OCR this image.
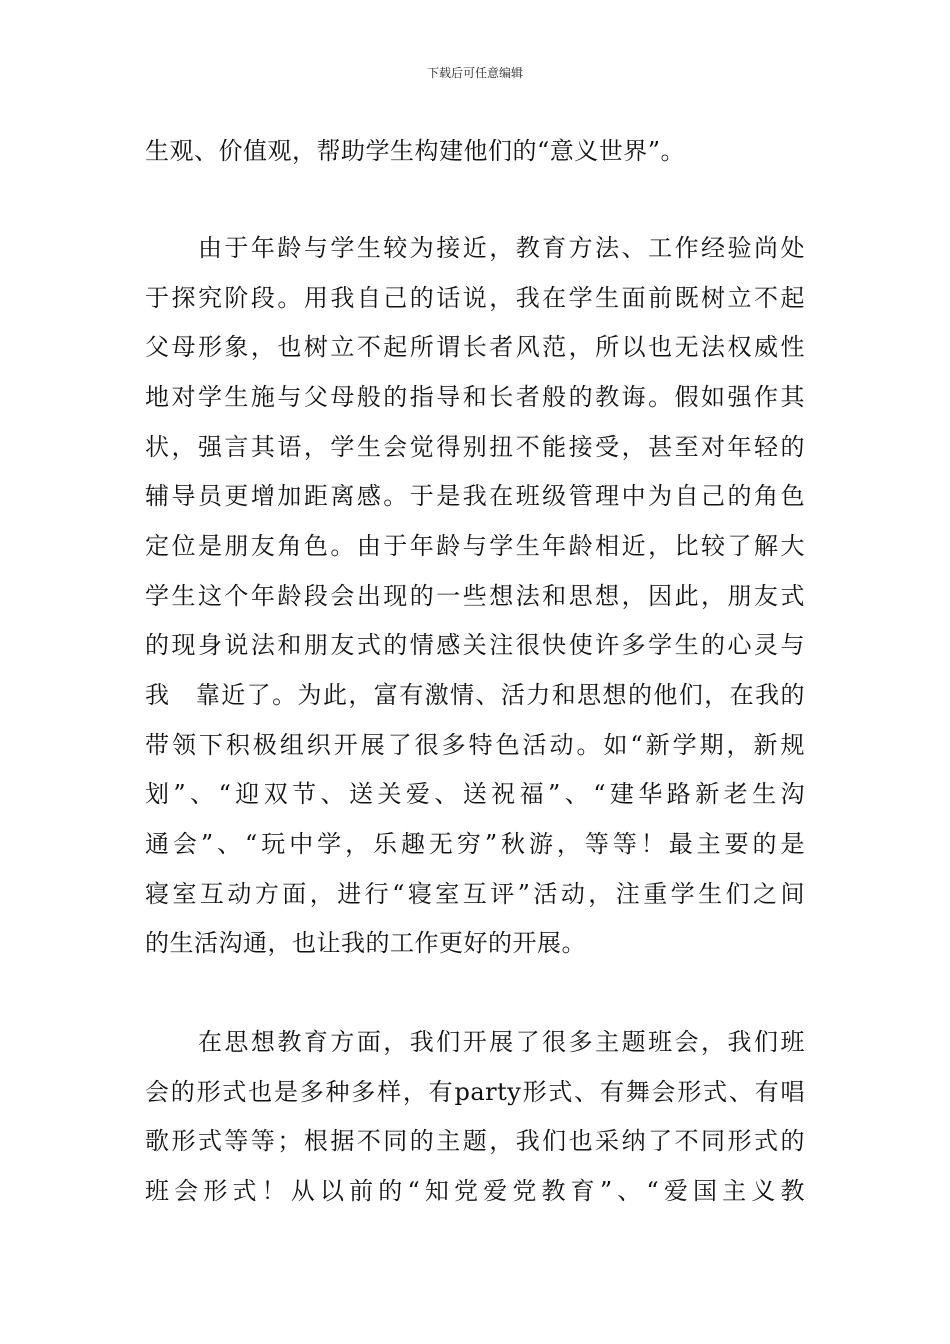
下载后可任意编辑
生观、价值观，帮助学生构建他们的“意义世界”。
　　由于年龄与学生较为接近，教育方法、工作经验尚处
于探究阶段。用我自己的话说，我在学生面前既树立不起
父母形象，也树立不起所谓长者风范，所以也无法权威性
地对学生施与父母般的指导和长者般的教诲。假如强作其
状，强言其语，学生会觉得别扭不能接受，甚至对年轻的
辅导员更增加距离感。于是我在班级管理中为自己的角色
定位是朋友角色。由于年龄与学生年龄相近，比较了解大
学生这个年龄段会出现的一些想法和思想，因此，朋友式
的现身说法和朋友式的情感关注很快使许多学生的心灵与
我　靠近了。为此，富有激情、活力和思想的他们，在我的
带领下积极组织开展了很多特色活动。如“新学期，新规
划”、“迎双节、送关爱、送祝福”、“建华路新老生沟
通会”、“玩中学，乐趣无穷”秋游，等等！最主要的是
寝室互动方面，进行“寝室互评”活动，注重学生们之间
的生活沟通，也让我的工作更好的开展。
　　在思想教育方面，我们开展了很多主题班会，我们班
会的形式也是多种多样，有party形式、有舞会形式、有唱
歌形式等等；根据不同的主题，我们也采纳了不同形式的
班会形式！从以前的“知党爱党教育”、“爱国主义教
